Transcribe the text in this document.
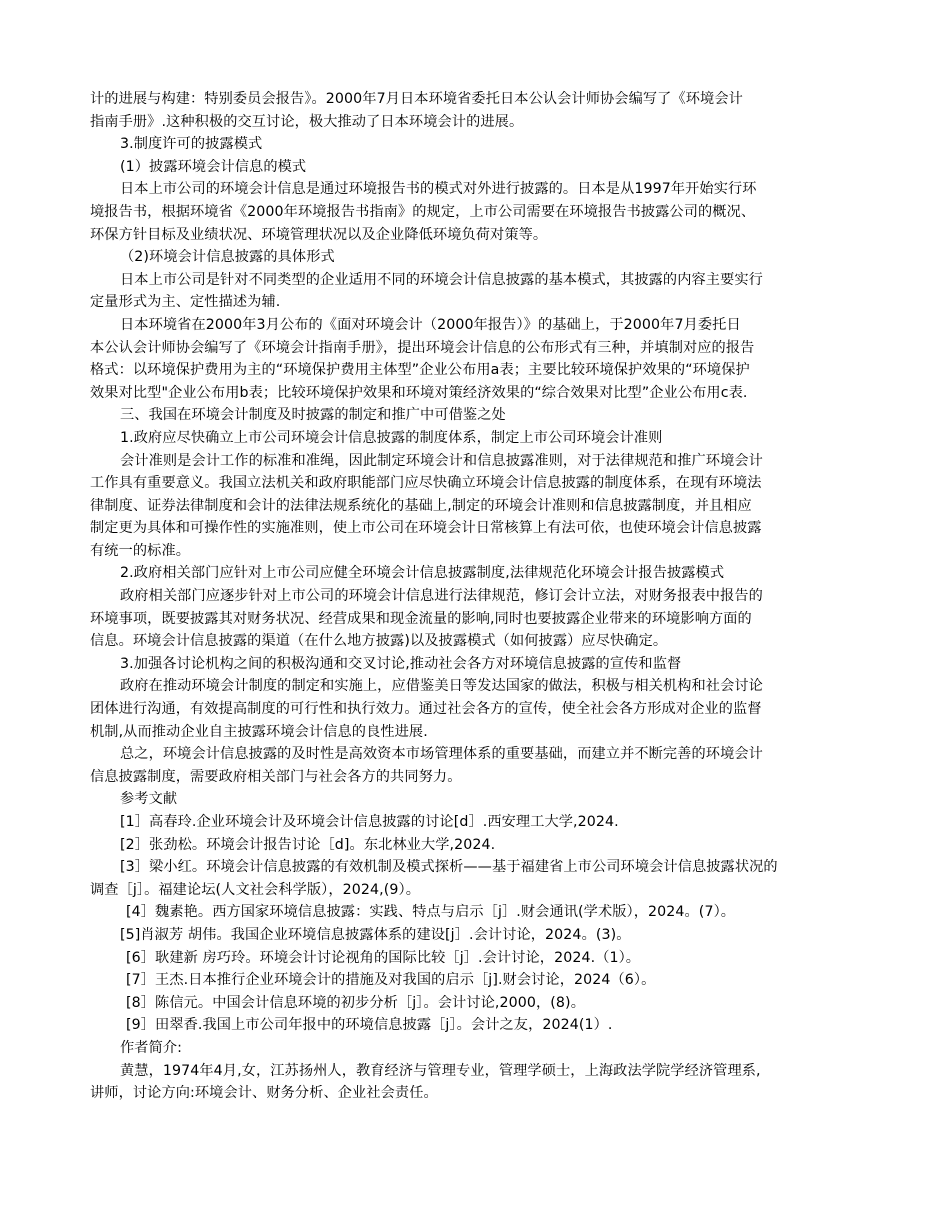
计的进展与构建：特别委员会报告》。2000年7月日本环境省委托日本公认会计师协会编写了《环境会计
指南手册》.这种积极的交互讨论，极大推动了日本环境会计的进展。
3.制度许可的披露模式
(1）披露环境会计信息的模式
日本上市公司的环境会计信息是通过环境报告书的模式对外进行披露的。日本是从1997年开始实行环
境报告书，根据环境省《2000年环境报告书指南》的规定，上市公司需要在环境报告书披露公司的概况、
环保方针目标及业绩状况、环境管理状况以及企业降低环境负荷对策等。
（2)环境会计信息披露的具体形式
日本上市公司是针对不同类型的企业适用不同的环境会计信息披露的基本模式，其披露的内容主要实行
定量形式为主、定性描述为辅.
日本环境省在2000年3月公布的《面对环境会计（2000年报告）》的基础上，于2000年7月委托日
本公认会计师协会编写了《环境会计指南手册》，提出环境会计信息的公布形式有三种，并填制对应的报告
格式：以环境保护费用为主的“环境保护费用主体型”企业公布用a表；主要比较环境保护效果的“环境保护
效果对比型"企业公布用b表；比较环境保护效果和环境对策经济效果的“综合效果对比型”企业公布用c表.
三、我国在环境会计制度及时披露的制定和推广中可借鉴之处
1.政府应尽快确立上市公司环境会计信息披露的制度体系，制定上市公司环境会计准则
会计准则是会计工作的标准和准绳，因此制定环境会计和信息披露准则，对于法律规范和推广环境会计
工作具有重要意义。我国立法机关和政府职能部门应尽快确立环境会计信息披露的制度体系，在现有环境法
律制度、证券法律制度和会计的法律法规系统化的基础上,制定的环境会计准则和信息披露制度，并且相应
制定更为具体和可操作性的实施准则，使上市公司在环境会计日常核算上有法可依，也使环境会计信息披露
有统一的标准。
2.政府相关部门应针对上市公司应健全环境会计信息披露制度,法律规范化环境会计报告披露模式
政府相关部门应逐步针对上市公司的环境会计信息进行法律规范，修订会计立法，对财务报表中报告的
环境事项，既要披露其对财务状况、经营成果和现金流量的影响,同时也要披露企业带来的环境影响方面的
信息。环境会计信息披露的渠道（在什么地方披露)以及披露模式（如何披露）应尽快确定。
3.加强各讨论机构之间的积极沟通和交叉讨论,推动社会各方对环境信息披露的宣传和监督
政府在推动环境会计制度的制定和实施上，应借鉴美日等发达国家的做法，积极与相关机构和社会讨论
团体进行沟通，有效提高制度的可行性和执行效力。通过社会各方的宣传，使全社会各方形成对企业的监督
机制,从而推动企业自主披露环境会计信息的良性进展.
总之，环境会计信息披露的及时性是高效资本市场管理体系的重要基础，而建立并不断完善的环境会计
信息披露制度，需要政府相关部门与社会各方的共同努力。
参考文献
[1］高春玲.企业环境会计及环境会计信息披露的讨论[d］.西安理工大学,2024.
[2］张劲松。环境会计报告讨论［d]。东北林业大学,2024.
[3］梁小红。环境会计信息披露的有效机制及模式探析——基于福建省上市公司环境会计信息披露状况的
调查［j］。福建论坛(人文社会科学版），2024,(9）。
[4］魏素艳。西方国家环境信息披露：实践、特点与启示［j］.财会通讯(学术版），2024。(7）。
[5]肖淑芳 胡伟。我国企业环境信息披露体系的建设[j］.会计讨论，2024。(3)。
[6］耿建新 房巧玲。环境会计讨论视角的国际比较［j］.会计讨论，2024.（1）。
[7］王杰.日本推行企业环境会计的措施及对我国的启示［j].财会讨论，2024（6）。
[8］陈信元。中国会计信息环境的初步分析［j］。会计讨论,2000，(8)。
[9］田翠香.我国上市公司年报中的环境信息披露［j］。会计之友，2024(1）.
作者简介:
黄慧，1974年4月,女，江苏扬州人，教育经济与管理专业，管理学硕士，上海政法学院学经济管理系,
讲师，讨论方向:环境会计、财务分析、企业社会责任。
